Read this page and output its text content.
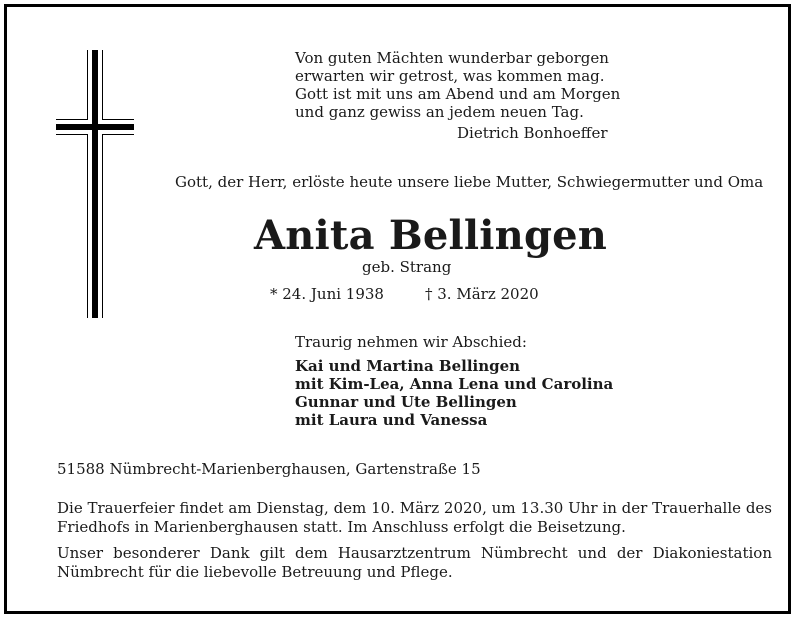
Von guten Mächten wunderbar geborgen
erwarten wir getrost, was kommen mag.
Gott ist mit uns am Abend und am Morgen
und ganz gewiss an jedem neuen Tag.
Dietrich Bonhoeffer
Gott, der Herr, erlöste heute unsere liebe Mutter, Schwiegermutter und Oma
Anita Bellingen
geb. Strang
* 24. Juni 1938	† 3. März 2020
Traurig nehmen wir Abschied:
Kai und Martina Bellingen
mit Kim-Lea, Anna Lena und Carolina
Gunnar und Ute Bellingen
mit Laura und Vanessa
51588 Nümbrecht-Marienberghausen, Gartenstraße 15
Die Trauerfeier findet am Dienstag, dem 10. März 2020, um 13.30 Uhr in der Trauerhalle des Friedhofs in Marienberghausen statt. Im Anschluss erfolgt die Beisetzung.
Unser besonderer Dank gilt dem Hausarztzentrum Nümbrecht und der Diakoniestation Nümbrecht für die liebevolle Betreuung und Pflege.
